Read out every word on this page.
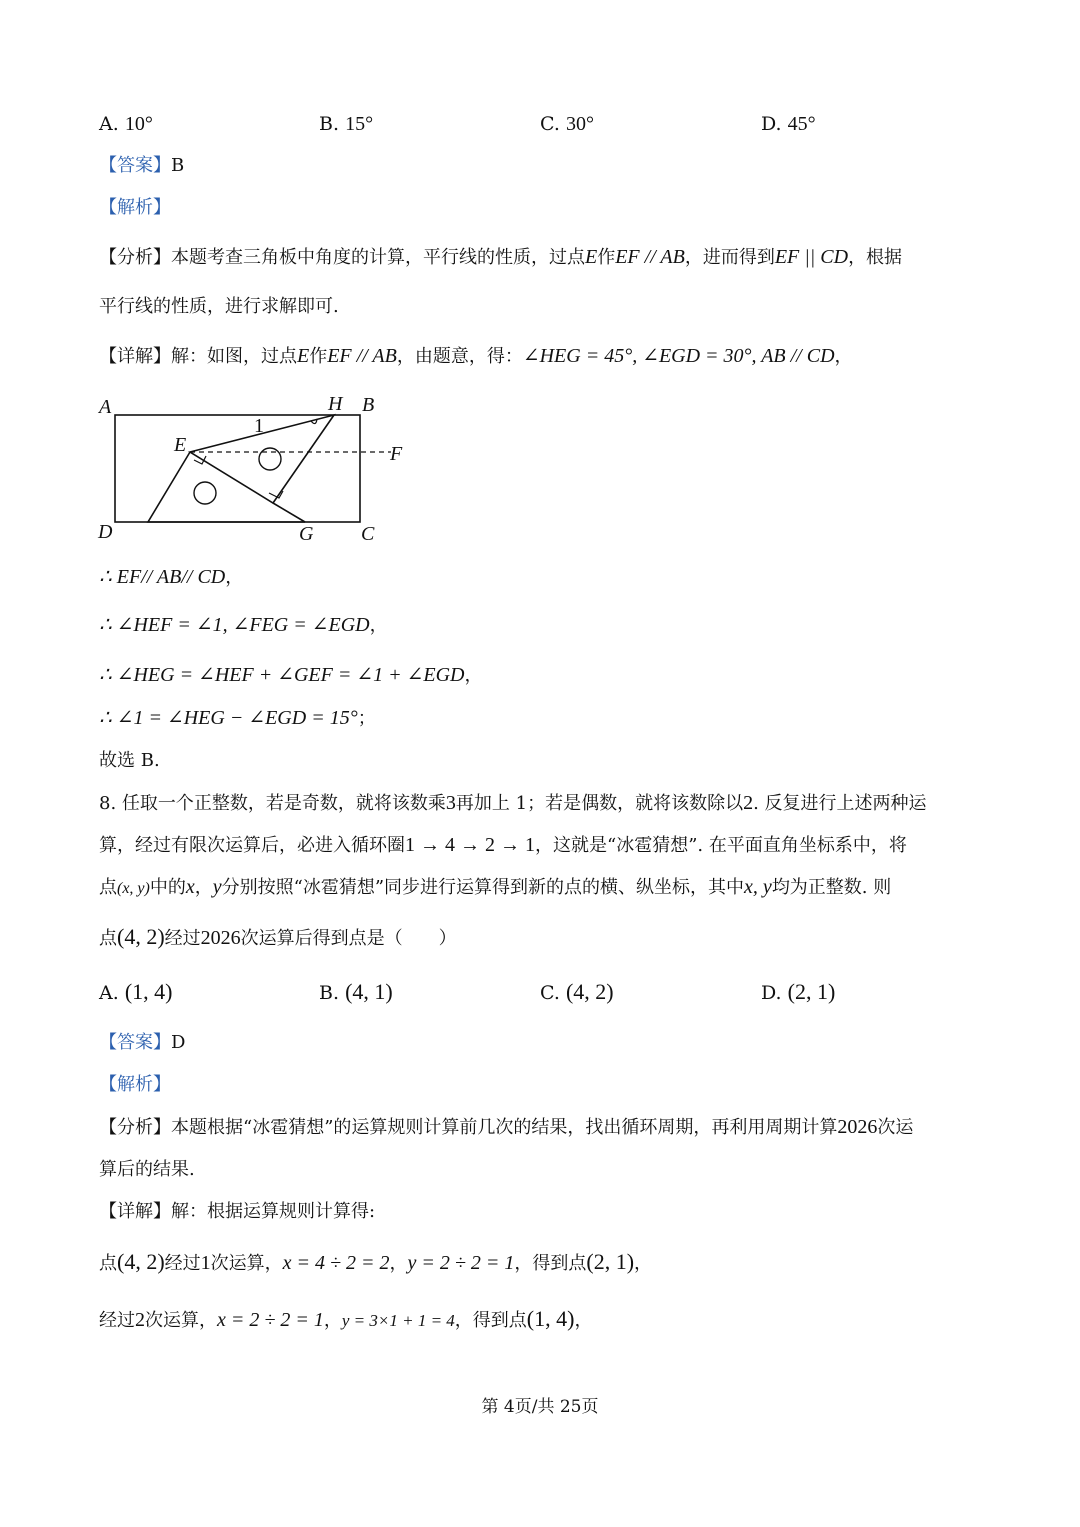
A. 10°	B. 15°	C. 30°	D. 45°
【答案】B
【解析】
【分析】本题考查三角板中角度的计算，平行线的性质，过点E作EF // AB，进而得到EF || CD，根据
平行线的性质，进行求解即可.
【详解】解：如图，过点E作EF // AB，由题意，得：∠HEG = 45°, ∠EGD = 30°, AB // CD，
A	H B
1
E	F
D	G C
∴ EF// AB// CD，
∴ ∠HEF = ∠1, ∠FEG = ∠EGD，
∴ ∠HEG = ∠HEF + ∠GEF = ∠1 + ∠EGD，
∴ ∠1 = ∠HEG − ∠EGD = 15°；
故选 B.
8. 任取一个正整数，若是奇数，就将该数乘3再加上 1；若是偶数，就将该数除以2. 反复进行上述两种运
算，经过有限次运算后，必进入循环圈1 → 4 → 2 → 1，这就是“冰雹猜想”. 在平面直角坐标系中，将
点(x, y)中的x，y分别按照“冰雹猜想”同步进行运算得到新的点的横、纵坐标，其中x, y均为正整数. 则
点(4, 2)经过2026次运算后得到点是（　　）
A. (1, 4)	B. (4, 1)	C. (4, 2)	D. (2, 1)
【答案】D
【解析】
【分析】本题根据“冰雹猜想”的运算规则计算前几次的结果，找出循环周期，再利用周期计算2026次运
算后的结果.
【详解】解：根据运算规则计算得:
点(4, 2)经过1次运算，x = 4 ÷ 2 = 2，y = 2 ÷ 2 = 1，得到点(2, 1)，
经过2次运算，x = 2 ÷ 2 = 1，y = 3×1 + 1 = 4，得到点(1, 4)，
第 4页/共 25页
